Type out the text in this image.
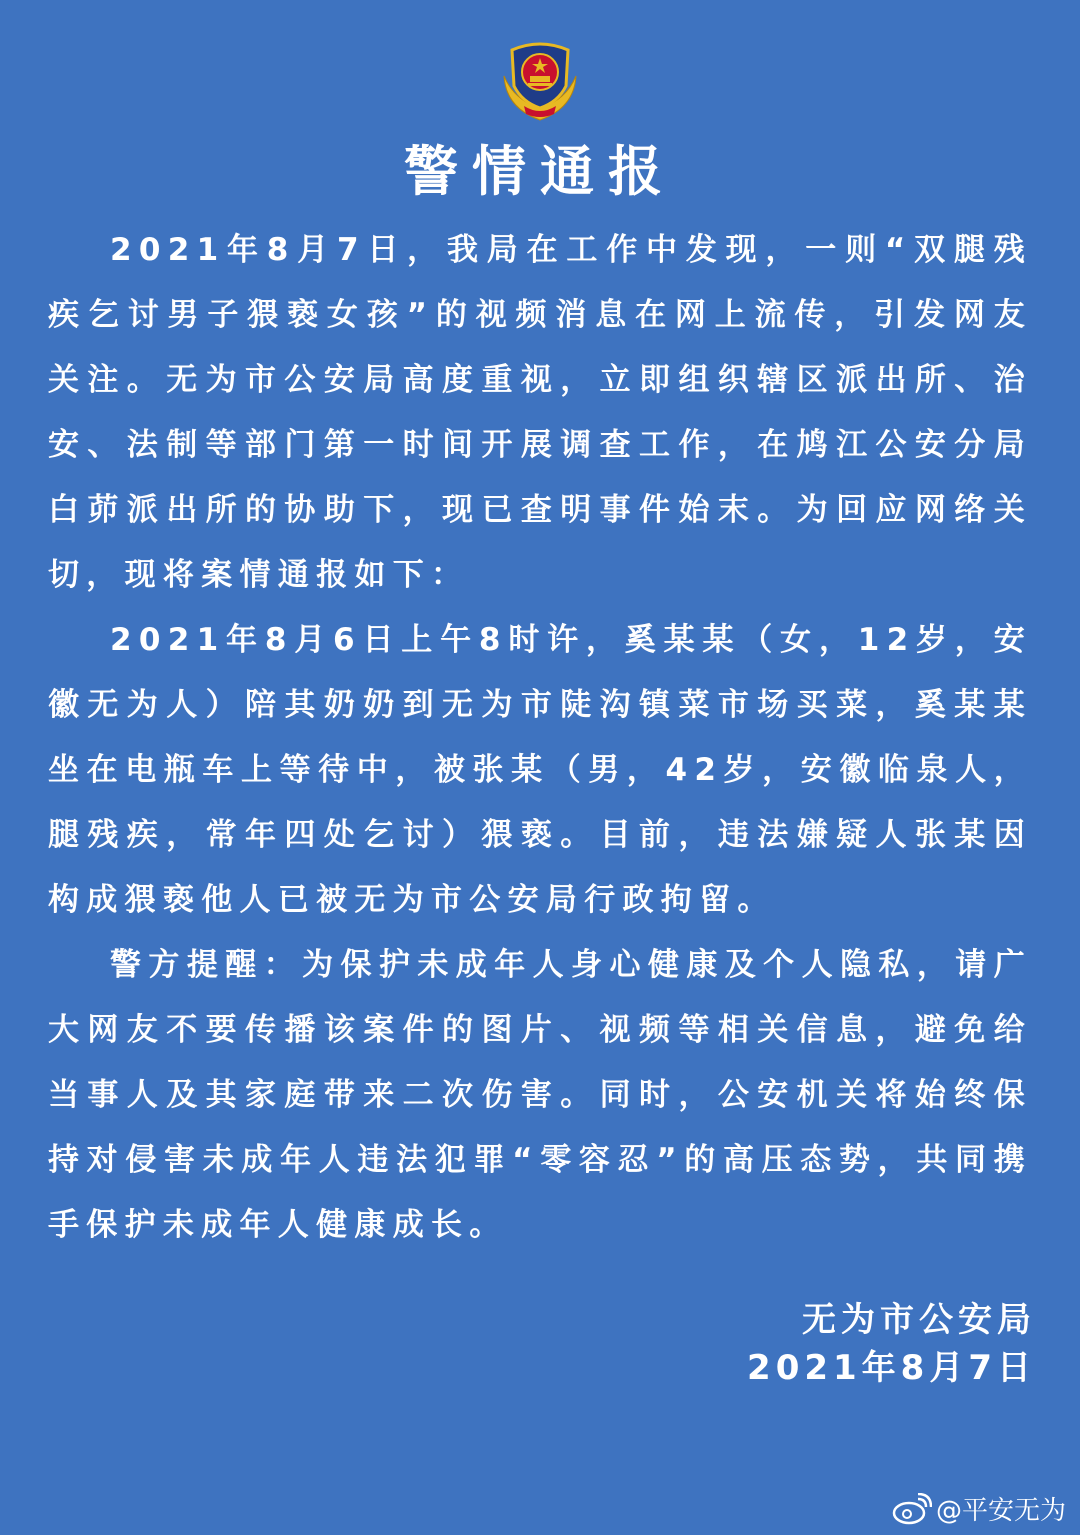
警情通报

2021年8月7日，我局在工作中发现，一则“双腿残疾乞讨男子猥亵女孩”的视频消息在网上流传，引发网友关注。无为市公安局高度重视，立即组织辖区派出所、治安、法制等部门第一时间开展调查工作，在鸠江公安分局白茆派出所的协助下，现已查明事件始末。为回应网络关切，现将案情通报如下：

2021年8月6日上午8时许，奚某某（女，12岁，安徽无为人）陪其奶奶到无为市陡沟镇菜市场买菜，奚某某坐在电瓶车上等待中，被张某（男，42岁，安徽临泉人，腿残疾，常年四处乞讨）猥亵。目前，违法嫌疑人张某因构成猥亵他人已被无为市公安局行政拘留。

警方提醒：为保护未成年人身心健康及个人隐私，请广大网友不要传播该案件的图片、视频等相关信息，避免给当事人及其家庭带来二次伤害。同时，公安机关将始终保持对侵害未成年人违法犯罪“零容忍”的高压态势，共同携手保护未成年人健康成长。

无为市公安局
2021年8月7日
@平安无为
